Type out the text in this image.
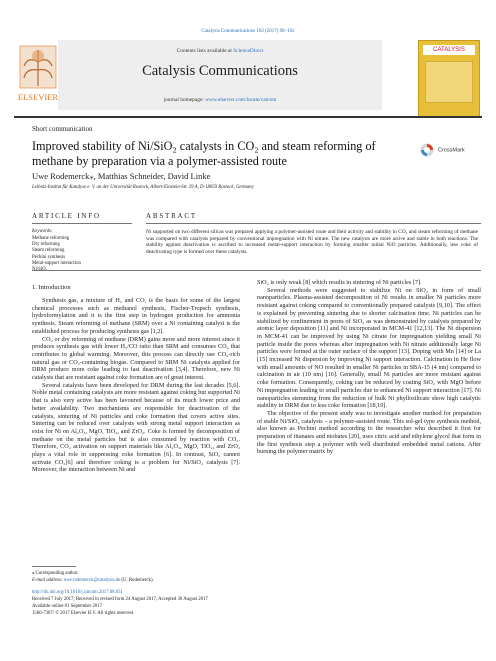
Catalysis Communications 102 (2017) 98–102
ELSEVIER
Contents lists available at ScienceDirect
Catalysis Communications
journal homepage: www.elsevier.com/locate/catcom
CATALYSIS
Short communication
Improved stability of Ni/SiO₂ catalysts in CO₂ and steam reforming of methane by preparation via a polymer-assisted route
CrossMark
Uwe Rodemerck⁎, Matthias Schneider, David Linke
Leibniz-Institut für Katalyse e. V. an der Universität Rostock, Albert-Einstein-Str. 29 A, D-18059 Rostock, Germany
ARTICLE INFO	ABSTRACT
Keywords:
Methane reforming
Dry reforming
Steam reforming
Pechini synthesis
Metal-support interaction
Ni supported on two different silicas was prepared applying a polymer-assisted route and their activity and stability in CO₂ and steam reforming of methane was compared with catalysts prepared by conventional impregnation with Ni nitrate. The new catalysts are more active and stable in both reactions. The stability against deactivation is ascribed to increased metal-support interaction by forming smaller initial NiO particles. Additionally, less coke of deactivating type is formed over these catalysts.
1. Introduction

Synthesis gas, a mixture of H₂ and CO, is the basis for some of the largest chemical processes such as methanol synthesis, Fischer-Tropsch synthesis, hydroformylation and it is the first step in hydrogen production for ammonia synthesis. Steam reforming of methane (SRM) over a Ni containing catalyst is the established process for producing synthesis gas [1,2].

CO₂ or dry reforming of methane (DRM) gains more and more interest since it produces synthesis gas with lower H₂/CO ratio than SRM and consumes CO₂ that contributes to global warming. Moreover, this process can directly use CO₂-rich natural gas or CO₂-containing biogas. Compared to SRM Ni catalysts applied for DRM produce more coke leading to fast deactivation [3,4]. Therefore, new Ni catalysts that are resistant against coke formation are of great interest.

Several catalysts have been developed for DRM during the last decades [5,6]. Noble metal containing catalysts are more resistant against coking but supported Ni that is also very active has been favoured because of its much lower price and better availability. Two mechanisms are responsible for deactivation of the catalysts, sintering of Ni particles and coke formation that covers active sites. Sintering can be reduced over catalysts with strong metal support interaction as exist for Ni on Al₂O₃, MgO, TiO₂, and ZrO₂. Coke is formed by decomposition of methane on the metal particles but is also consumed by reaction with CO₂. Therefore, CO₂ activation on support materials like Al₂O₃, MgO, TiO₂, and ZrO₂ plays a vital role in suppressing coke formation [6]. In contrast, SiO₂ cannot activate CO₂[6] and therefore coking is a problem for Ni/SiO₂ catalysts [7]. Moreover, the interaction between Ni and

SiO₂ is only weak [8] which results in sintering of Ni particles [7].

Several methods were suggested to stabilize Ni on SiO₂ in form of small nanoparticles. Plasma-assisted decomposition of Ni results in smaller Ni particles more resistant against coking compared to conventionally prepared catalysts [9,10]. The effect is explained by preventing sintering due to shorter calcination time. Ni particles can be stabilized by confinement in pores of SiO₂ as was demonstrated by catalysts prepared by atomic layer deposition [11] and Ni incorporated in MCM-41 [12,13]. The Ni dispersion in MCM-41 can be improved by using Ni citrate for impregnation yielding small Ni particle inside the pores whereas after impregnation with Ni nitrate additionally large Ni particles were formed at the outer surface of the support [13]. Doping with Mn [14] or La [15] increased Ni dispersion by improving Ni support interaction. Calcination in He flow with small amounts of NO resulted in smaller Ni particles in SBA-15 (4 nm) compared to calcination in air (10 nm) [16]. Generally, small Ni particles are more resistant against coke formation. Consequently, coking can be reduced by coating SiO₂ with MgO before Ni impregnation leading to small particles due to enhanced Ni support interaction [17]. Ni nanoparticles stemming from the reduction of bulk Ni phyllosilicate show high catalytic stability in DRM due to less coke formation [18,19].

The objective of the present study was to investigate another method for preparation of stable Ni/SiO₂ catalysts – a polymer-assisted route. This sol-gel type synthesis method, also known as Pechini method according to the researcher who described it first for preparation of titanates and niobates [20], uses citric acid and ethylene glycol that form in the first synthesis step a polymer with well distributed embedded metal cations. After burning the polymer matrix by

⁎ Corresponding author.
E-mail address: uwe.rodemerck@catalysis.de (U. Rodemerck).
http://dx.doi.org/10.1016/j.catcom.2017.08.031
Received 7 July 2017; Received in revised form 24 August 2017; Accepted 30 August 2017
Available online 01 September 2017
1566-7367/ © 2017 Elsevier B.V. All rights reserved.
